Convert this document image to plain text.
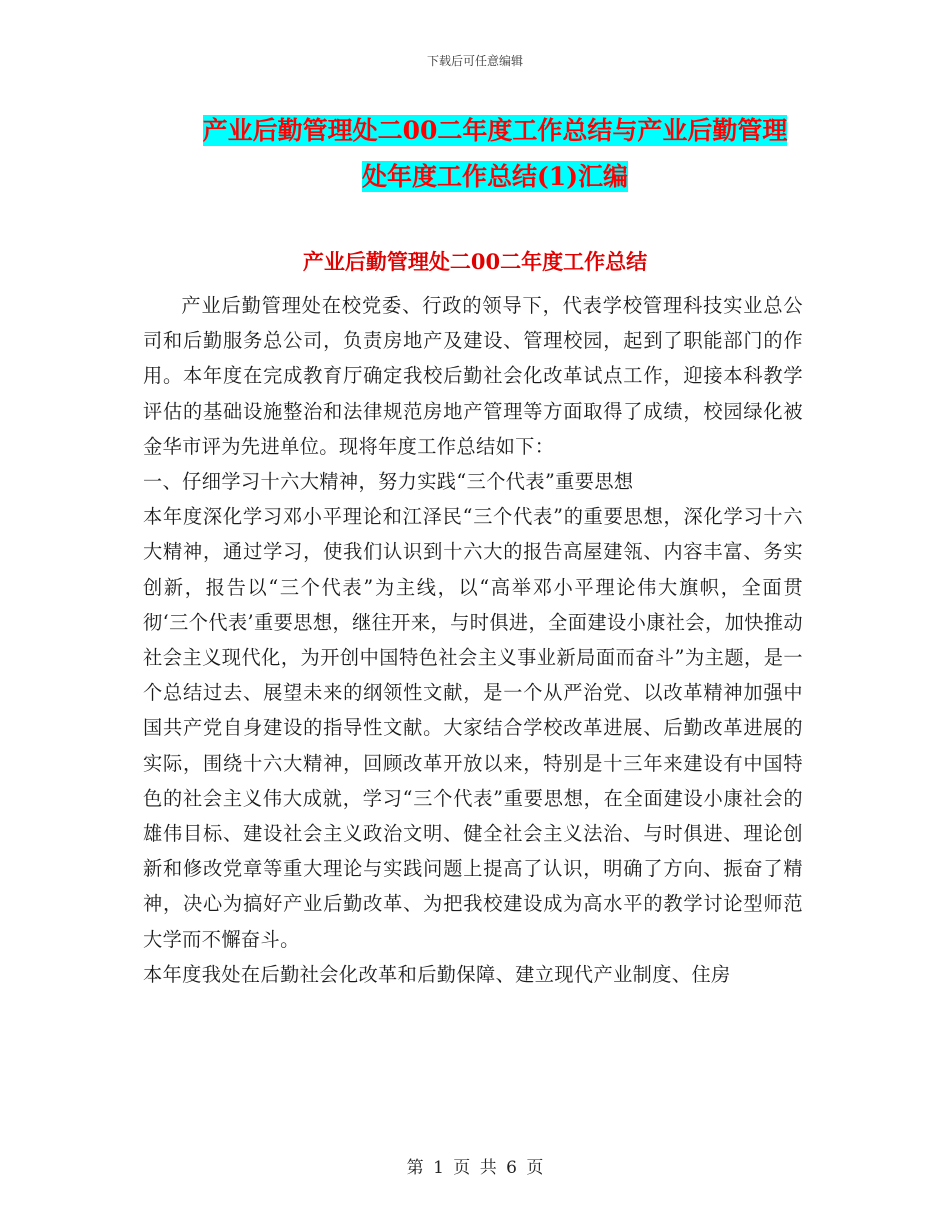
下载后可任意编辑
产业后勤管理处二00二年度工作总结与产业后勤管理
处年度工作总结(1)汇编
产业后勤管理处二00二年度工作总结

产业后勤管理处在校党委、行政的领导下，代表学校管理科技实业总公司和后勤服务总公司，负责房地产及建设、管理校园，起到了职能部门的作用。本年度在完成教育厅确定我校后勤社会化改革试点工作，迎接本科教学评估的基础设施整治和法律规范房地产管理等方面取得了成绩，校园绿化被金华市评为先进单位。现将年度工作总结如下：

一、仔细学习十六大精神，努力实践“三个代表”重要思想

本年度深化学习邓小平理论和江泽民“三个代表”的重要思想，深化学习十六大精神，通过学习，使我们认识到十六大的报告高屋建瓴、内容丰富、务实创新，报告以“三个代表”为主线，以“高举邓小平理论伟大旗帜，全面贯彻‘三个代表’重要思想，继往开来，与时俱进，全面建设小康社会，加快推动社会主义现代化，为开创中国特色社会主义事业新局面而奋斗”为主题，是一个总结过去、展望未来的纲领性文献，是一个从严治党、以改革精神加强中国共产党自身建设的指导性文献。大家结合学校改革进展、后勤改革进展的实际，围绕十六大精神，回顾改革开放以来，特别是十三年来建设有中国特色的社会主义伟大成就，学习“三个代表”重要思想，在全面建设小康社会的雄伟目标、建设社会主义政治文明、健全社会主义法治、与时俱进、理论创新和修改党章等重大理论与实践问题上提高了认识，明确了方向、振奋了精神，决心为搞好产业后勤改革、为把我校建设成为高水平的教学讨论型师范大学而不懈奋斗。

本年度我处在后勤社会化改革和后勤保障、建立现代产业制度、住房

第 1 页 共 6 页
